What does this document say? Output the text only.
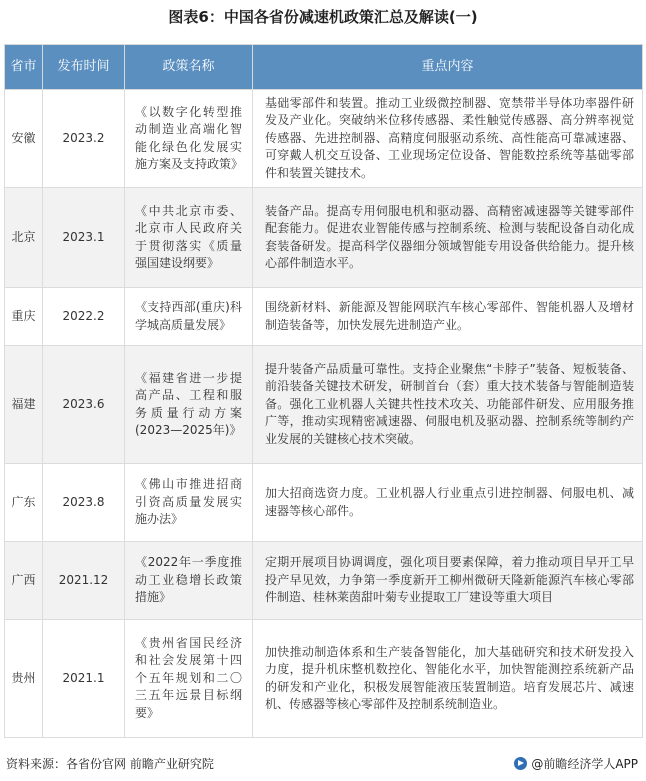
图表6：中国各省份减速机政策汇总及解读(一)
省市	发布时间	政策名称	重点内容
安徽	2023.2	《以数字化转型推动制造业高端化智能化绿色化发展实施方案及支持政策》	基础零部件和装置。推动工业级微控制器、宽禁带半导体功率器件研发及产业化。突破纳米位移传感器、柔性触觉传感器、高分辨率视觉传感器、先进控制器、高精度伺服驱动系统、高性能高可靠减速器、可穿戴人机交互设备、工业现场定位设备、智能数控系统等基础零部件和装置关键技术。
北京	2023.1	《中共北京市委、北京市人民政府关于贯彻落实《质量强国建设纲要》	装备产品。提高专用伺服电机和驱动器、高精密减速器等关键零部件配套能力。促进农业智能传感与控制系统、检测与装配设备自动化成套装备研发。提高科学仪器细分领域智能专用设备供给能力。提升核心部件制造水平。
重庆	2022.2	《支持西部(重庆)科学城高质量发展》	围绕新材料、新能源及智能网联汽车核心零部件、智能机器人及增材制造装备等，加快发展先进制造产业。
福建	2023.6	《福建省进一步提高产品、工程和服务质量行动方案(2023—2025年)》	提升装备产品质量可靠性。支持企业聚焦“卡脖子”装备、短板装备、前沿装备关键技术研发，研制首台（套）重大技术装备与智能制造装备。强化工业机器人关键共性技术攻关、功能部件研发、应用服务推广等，推动实现精密减速器、伺服电机及驱动器、控制系统等制约产业发展的关键核心技术突破。
广东	2023.8	《佛山市推进招商引资高质量发展实施办法》	加大招商选资力度。工业机器人行业重点引进控制器、伺服电机、减速器等核心部件。
广西	2021.12	《2022年一季度推动工业稳增长政策措施》	定期开展项目协调调度，强化项目要素保障，着力推动项目早开工早投产早见效，力争第一季度新开工柳州微研天隆新能源汽车核心零部件制造、桂林莱茵甜叶菊专业提取工厂建设等重大项目
贵州	2021.1	《贵州省国民经济和社会发展第十四个五年规划和二〇三五年远景目标纲要》	加快推动制造体系和生产装备智能化，加大基础研究和技术研发投入力度，提升机床整机数控化、智能化水平，加快智能测控系统新产品的研发和产业化，积极发展智能液压装置制造。培育发展芯片、减速机、传感器等核心零部件及控制系统制造业。
资料来源：各省份官网 前瞻产业研究院	@前瞻经济学人APP
